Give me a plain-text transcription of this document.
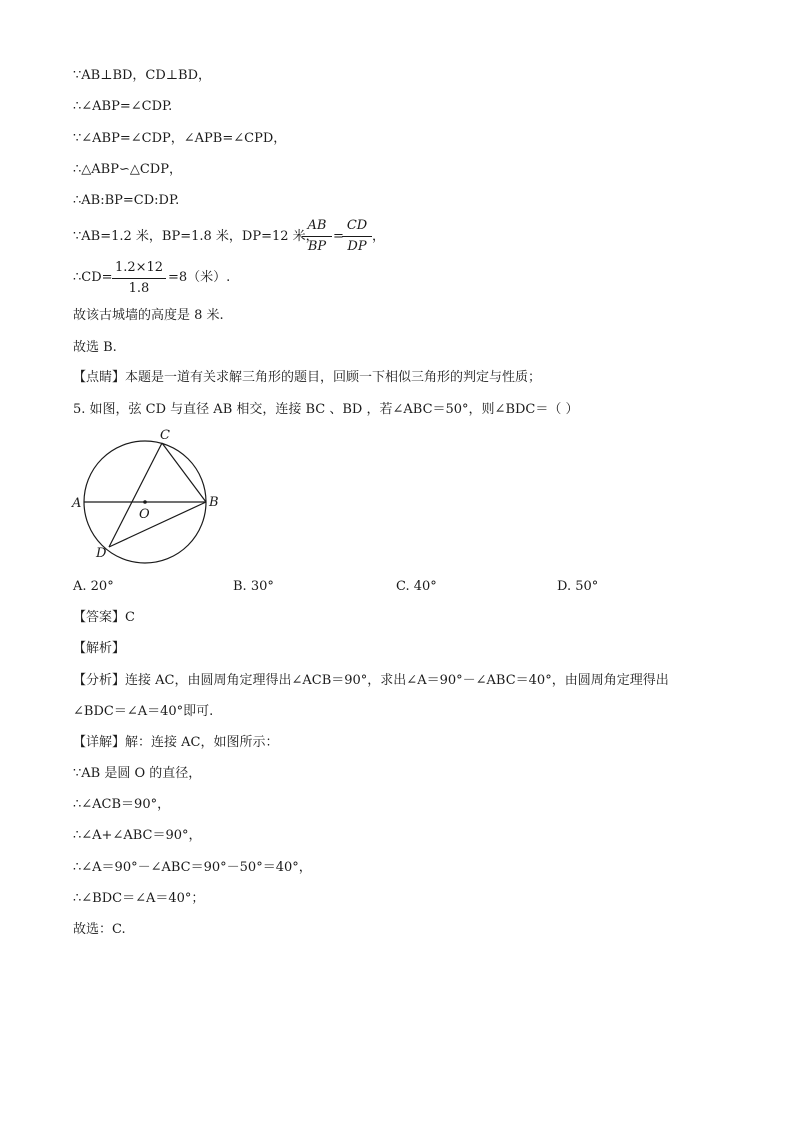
∵AB⊥BD，CD⊥BD，
∴∠ABP=∠CDP.
∵∠ABP=∠CDP，∠APB=∠CPD，
∴△ABP∽△CDP，
∴AB:BP=CD:DP.
∵AB=1.2 米，BP=1.8 米，DP=12 米，
AB
BP
=
CD
DP
，
∴CD=
1.2×12
1.8
=8（米）.
故该古城墙的高度是 8 米.
故选 B.
【点睛】本题是一道有关求解三角形的题目，回顾一下相似三角形的判定与性质；
5. 如图，弦 CD 与直径 AB 相交，连接 BC 、BD ，若∠ABC＝50°，则∠BDC＝（ ）
A	B
C
D
O
A. 20°	B. 30°	C. 40°	D. 50°
【答案】C
【解析】
【分析】连接 AC，由圆周角定理得出∠ACB＝90°，求出∠A＝90°－∠ABC＝40°，由圆周角定理得出
∠BDC＝∠A＝40°即可.
【详解】解：连接 AC，如图所示：
∵AB 是圆 O 的直径，
∴∠ACB＝90°，
∴∠A+∠ABC＝90°，
∴∠A＝90°－∠ABC＝90°－50°＝40°，
∴∠BDC＝∠A＝40°；
故选：C.
